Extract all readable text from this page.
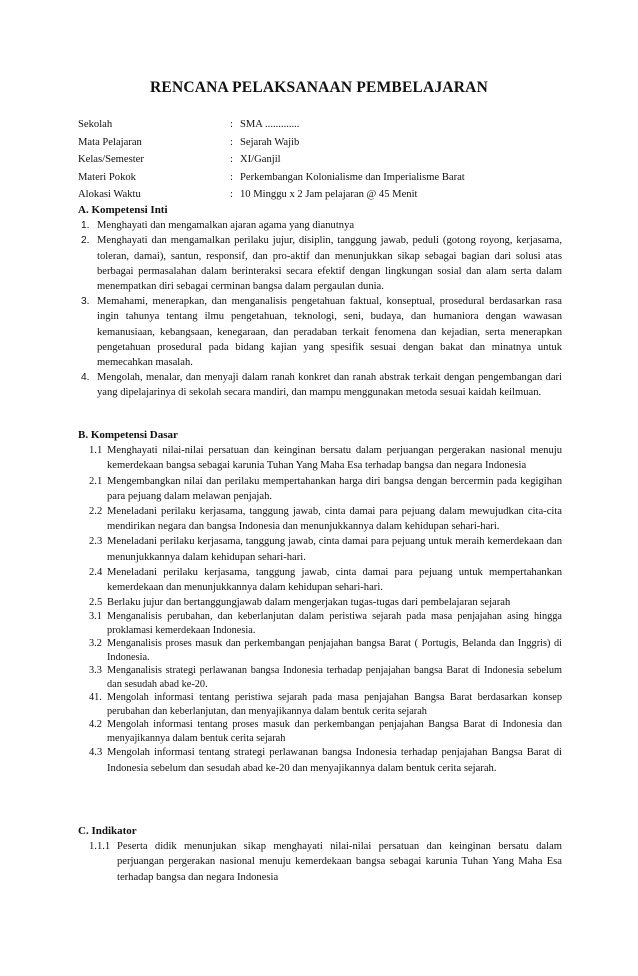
RENCANA PELAKSANAAN PEMBELAJARAN
Sekolah	: SMA .............
Mata Pelajaran	: Sejarah Wajib
Kelas/Semester	: XI/Ganjil
Materi Pokok	: Perkembangan Kolonialisme dan Imperialisme Barat
Alokasi Waktu	: 10 Minggu x 2 Jam pelajaran @ 45 Menit
A. Kompetensi Inti
1. Menghayati dan mengamalkan ajaran agama yang dianutnya
2. Menghayati dan mengamalkan perilaku jujur, disiplin, tanggung jawab, peduli (gotong royong, kerjasama, toleran, damai), santun, responsif, dan pro-aktif dan menunjukkan sikap sebagai bagian dari solusi atas berbagai permasalahan dalam berinteraksi secara efektif dengan lingkungan sosial dan alam serta dalam menempatkan diri sebagai cerminan bangsa dalam pergaulan dunia.
3. Memahami, menerapkan, dan menganalisis pengetahuan faktual, konseptual, prosedural berdasarkan rasa ingin tahunya tentang ilmu pengetahuan, teknologi, seni, budaya, dan humaniora dengan wawasan kemanusiaan, kebangsaan, kenegaraan, dan peradaban terkait fenomena dan kejadian, serta menerapkan pengetahuan prosedural pada bidang kajian yang spesifik sesuai dengan bakat dan minatnya untuk memecahkan masalah.
4. Mengolah, menalar, dan menyaji dalam ranah konkret dan ranah abstrak terkait dengan pengembangan dari yang dipelajarinya di sekolah secara mandiri, dan mampu menggunakan metoda sesuai kaidah keilmuan.
B. Kompetensi Dasar
1.1 Menghayati nilai-nilai persatuan dan keinginan bersatu dalam perjuangan pergerakan nasional menuju kemerdekaan bangsa sebagai karunia Tuhan Yang Maha Esa terhadap bangsa dan negara Indonesia
2.1 Mengembangkan nilai dan perilaku mempertahankan harga diri bangsa dengan bercermin pada kegigihan para pejuang dalam melawan penjajah.
2.2 Meneladani perilaku kerjasama, tanggung jawab, cinta damai para pejuang dalam mewujudkan cita-cita mendirikan negara dan bangsa Indonesia dan menunjukkannya dalam kehidupan sehari-hari.
2.3 Meneladani perilaku kerjasama, tanggung jawab, cinta damai para pejuang untuk meraih kemerdekaan dan menunjukkannya dalam kehidupan sehari-hari.
2.4 Meneladani perilaku kerjasama, tanggung jawab, cinta damai para pejuang untuk mempertahankan kemerdekaan dan menunjukkannya dalam kehidupan sehari-hari.
2.5 Berlaku jujur dan bertanggungjawab dalam mengerjakan tugas-tugas dari pembelajaran sejarah
3.1 Menganalisis perubahan, dan keberlanjutan dalam peristiwa sejarah pada masa penjajahan asing hingga proklamasi kemerdekaan Indonesia.
3.2 Menganalisis proses masuk dan perkembangan penjajahan bangsa Barat ( Portugis, Belanda dan Inggris) di Indonesia.
3.3 Menganalisis strategi perlawanan bangsa Indonesia terhadap penjajahan bangsa Barat di Indonesia sebelum dan sesudah abad ke-20.
41. Mengolah informasi tentang peristiwa sejarah pada masa penjajahan Bangsa Barat berdasarkan konsep perubahan dan keberlanjutan, dan menyajikannya dalam bentuk cerita sejarah
4.2 Mengolah informasi tentang proses masuk dan perkembangan penjajahan Bangsa Barat di Indonesia dan menyajikannya dalam bentuk cerita sejarah
4.3 Mengolah informasi tentang strategi perlawanan bangsa Indonesia terhadap penjajahan Bangsa Barat di Indonesia sebelum dan sesudah abad ke-20 dan menyajikannya dalam bentuk cerita sejarah.
C. Indikator
1.1.1 Peserta didik menunjukan sikap menghayati nilai-nilai persatuan dan keinginan bersatu dalam perjuangan pergerakan nasional menuju kemerdekaan bangsa sebagai karunia Tuhan Yang Maha Esa terhadap bangsa dan negara Indonesia
